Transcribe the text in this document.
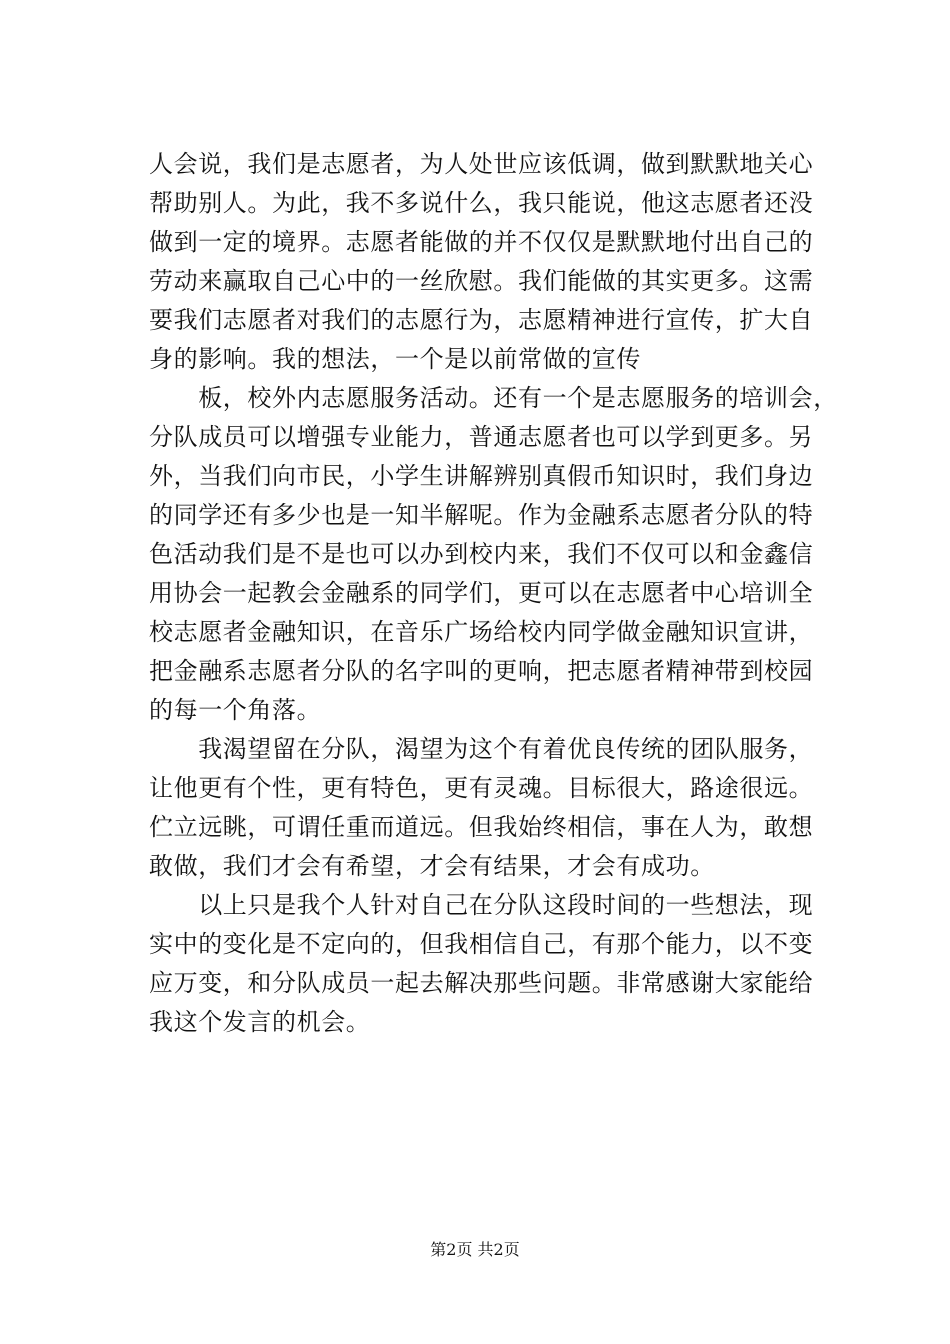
人会说，我们是志愿者，为人处世应该低调，做到默默地关心
帮助别人。为此，我不多说什么，我只能说，他这志愿者还没
做到一定的境界。志愿者能做的并不仅仅是默默地付出自己的
劳动来赢取自己心中的一丝欣慰。我们能做的其实更多。这需
要我们志愿者对我们的志愿行为，志愿精神进行宣传，扩大自
身的影响。我的想法，一个是以前常做的宣传
　　板，校外内志愿服务活动。还有一个是志愿服务的培训会，
分队成员可以增强专业能力，普通志愿者也可以学到更多。另
外，当我们向市民，小学生讲解辨别真假币知识时，我们身边
的同学还有多少也是一知半解呢。作为金融系志愿者分队的特
色活动我们是不是也可以办到校内来，我们不仅可以和金鑫信
用协会一起教会金融系的同学们，更可以在志愿者中心培训全
校志愿者金融知识，在音乐广场给校内同学做金融知识宣讲，
把金融系志愿者分队的名字叫的更响，把志愿者精神带到校园
的每一个角落。
　　我渴望留在分队，渴望为这个有着优良传统的团队服务，
让他更有个性，更有特色，更有灵魂。目标很大，路途很远。
伫立远眺，可谓任重而道远。但我始终相信，事在人为，敢想
敢做，我们才会有希望，才会有结果，才会有成功。
　　以上只是我个人针对自己在分队这段时间的一些想法，现
实中的变化是不定向的，但我相信自己，有那个能力，以不变
应万变，和分队成员一起去解决那些问题。非常感谢大家能给
我这个发言的机会。
第2页 共2页
